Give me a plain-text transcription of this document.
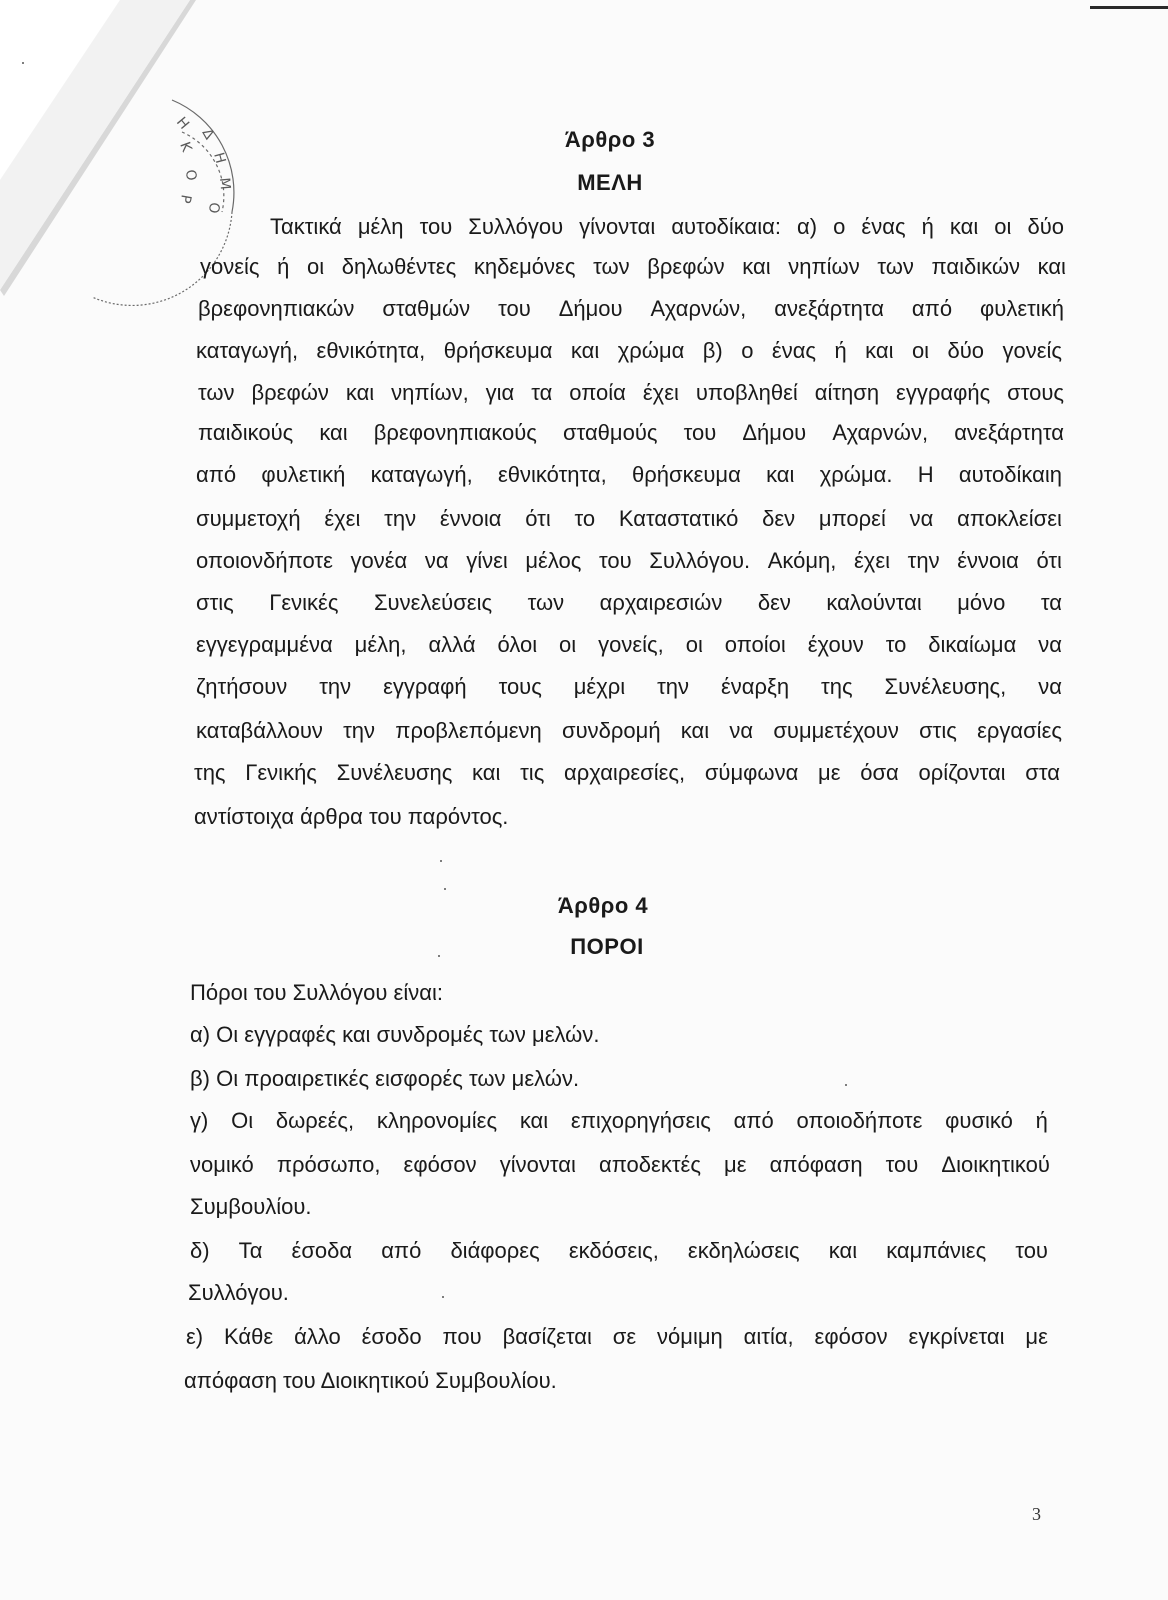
Δ
Η
Μ
Ο
Κ
Ο
Ρ
Η
Άρθρο 3
ΜΕΛΗ
Τακτικά μέλη του Συλλόγου γίνονται αυτοδίκαια: α) ο ένας ή και οι δύο
γονείς ή οι δηλωθέντες κηδεμόνες των βρεφών και νηπίων των παιδικών και
βρεφονηπιακών σταθμών του Δήμου Αχαρνών, ανεξάρτητα από φυλετική
καταγωγή, εθνικότητα, θρήσκευμα και χρώμα β) ο ένας ή και οι δύο γονείς
των βρεφών και νηπίων, για τα οποία έχει υποβληθεί αίτηση εγγραφής στους
παιδικούς και βρεφονηπιακούς σταθμούς του Δήμου Αχαρνών, ανεξάρτητα
από φυλετική καταγωγή, εθνικότητα, θρήσκευμα και χρώμα. Η αυτοδίκαιη
συμμετοχή έχει την έννοια ότι το Καταστατικό δεν μπορεί να αποκλείσει
οποιονδήποτε γονέα να γίνει μέλος του Συλλόγου. Ακόμη, έχει την έννοια ότι
στις Γενικές Συνελεύσεις των αρχαιρεσιών δεν καλούνται μόνο τα
εγγεγραμμένα μέλη, αλλά όλοι οι γονείς, οι οποίοι έχουν το δικαίωμα να
ζητήσουν την εγγραφή τους μέχρι την έναρξη της Συνέλευσης, να
καταβάλλουν την προβλεπόμενη συνδρομή και να συμμετέχουν στις εργασίες
της Γενικής Συνέλευσης και τις αρχαιρεσίες, σύμφωνα με όσα ορίζονται στα
αντίστοιχα άρθρα του παρόντος.
Άρθρο 4
ΠΟΡΟΙ
Πόροι του Συλλόγου είναι:
α) Οι εγγραφές και συνδρομές των μελών.
β) Οι προαιρετικές εισφορές των μελών.
γ) Οι δωρεές, κληρονομίες και επιχορηγήσεις από οποιοδήποτε φυσικό ή
νομικό πρόσωπο, εφόσον γίνονται αποδεκτές με απόφαση του Διοικητικού
Συμβουλίου.
δ) Τα έσοδα από διάφορες εκδόσεις, εκδηλώσεις και καμπάνιες του
Συλλόγου.
ε) Κάθε άλλο έσοδο που βασίζεται σε νόμιμη αιτία, εφόσον εγκρίνεται με
απόφαση του Διοικητικού Συμβουλίου.
3
